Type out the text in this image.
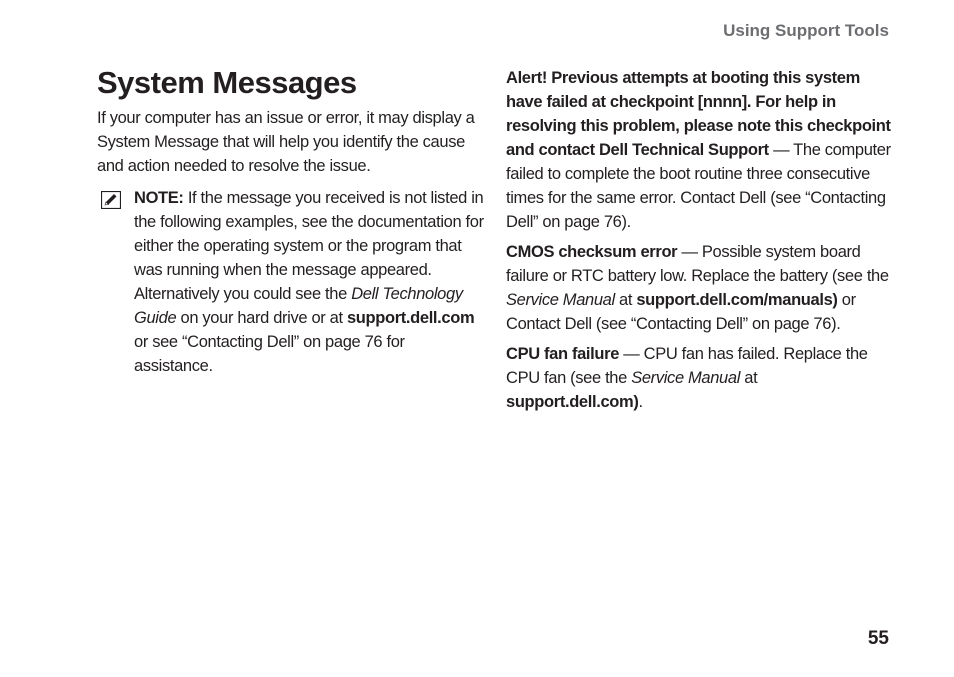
Using Support Tools
System Messages

If your computer has an issue or error, it may display a System Message that will help you identify the cause and action needed to resolve the issue.

NOTE: If the message you received is not listed in the following examples, see the documentation for either the operating system or the program that was running when the message appeared. Alternatively you could see the Dell Technology Guide on your hard drive or at support.dell.com or see “Contacting Dell” on page 76 for assistance.

Alert! Previous attempts at booting this system have failed at checkpoint [nnnn]. For help in resolving this problem, please note this checkpoint and contact Dell Technical Support — The computer failed to complete the boot routine three consecutive times for the same error. Contact Dell (see “Contacting Dell” on page 76).

CMOS checksum error — Possible system board failure or RTC battery low. Replace the battery (see the Service Manual at support.dell.com/manuals) or Contact Dell (see “Contacting Dell” on page 76).

CPU fan failure — CPU fan has failed. Replace the CPU fan (see the Service Manual at support.dell.com).

55
